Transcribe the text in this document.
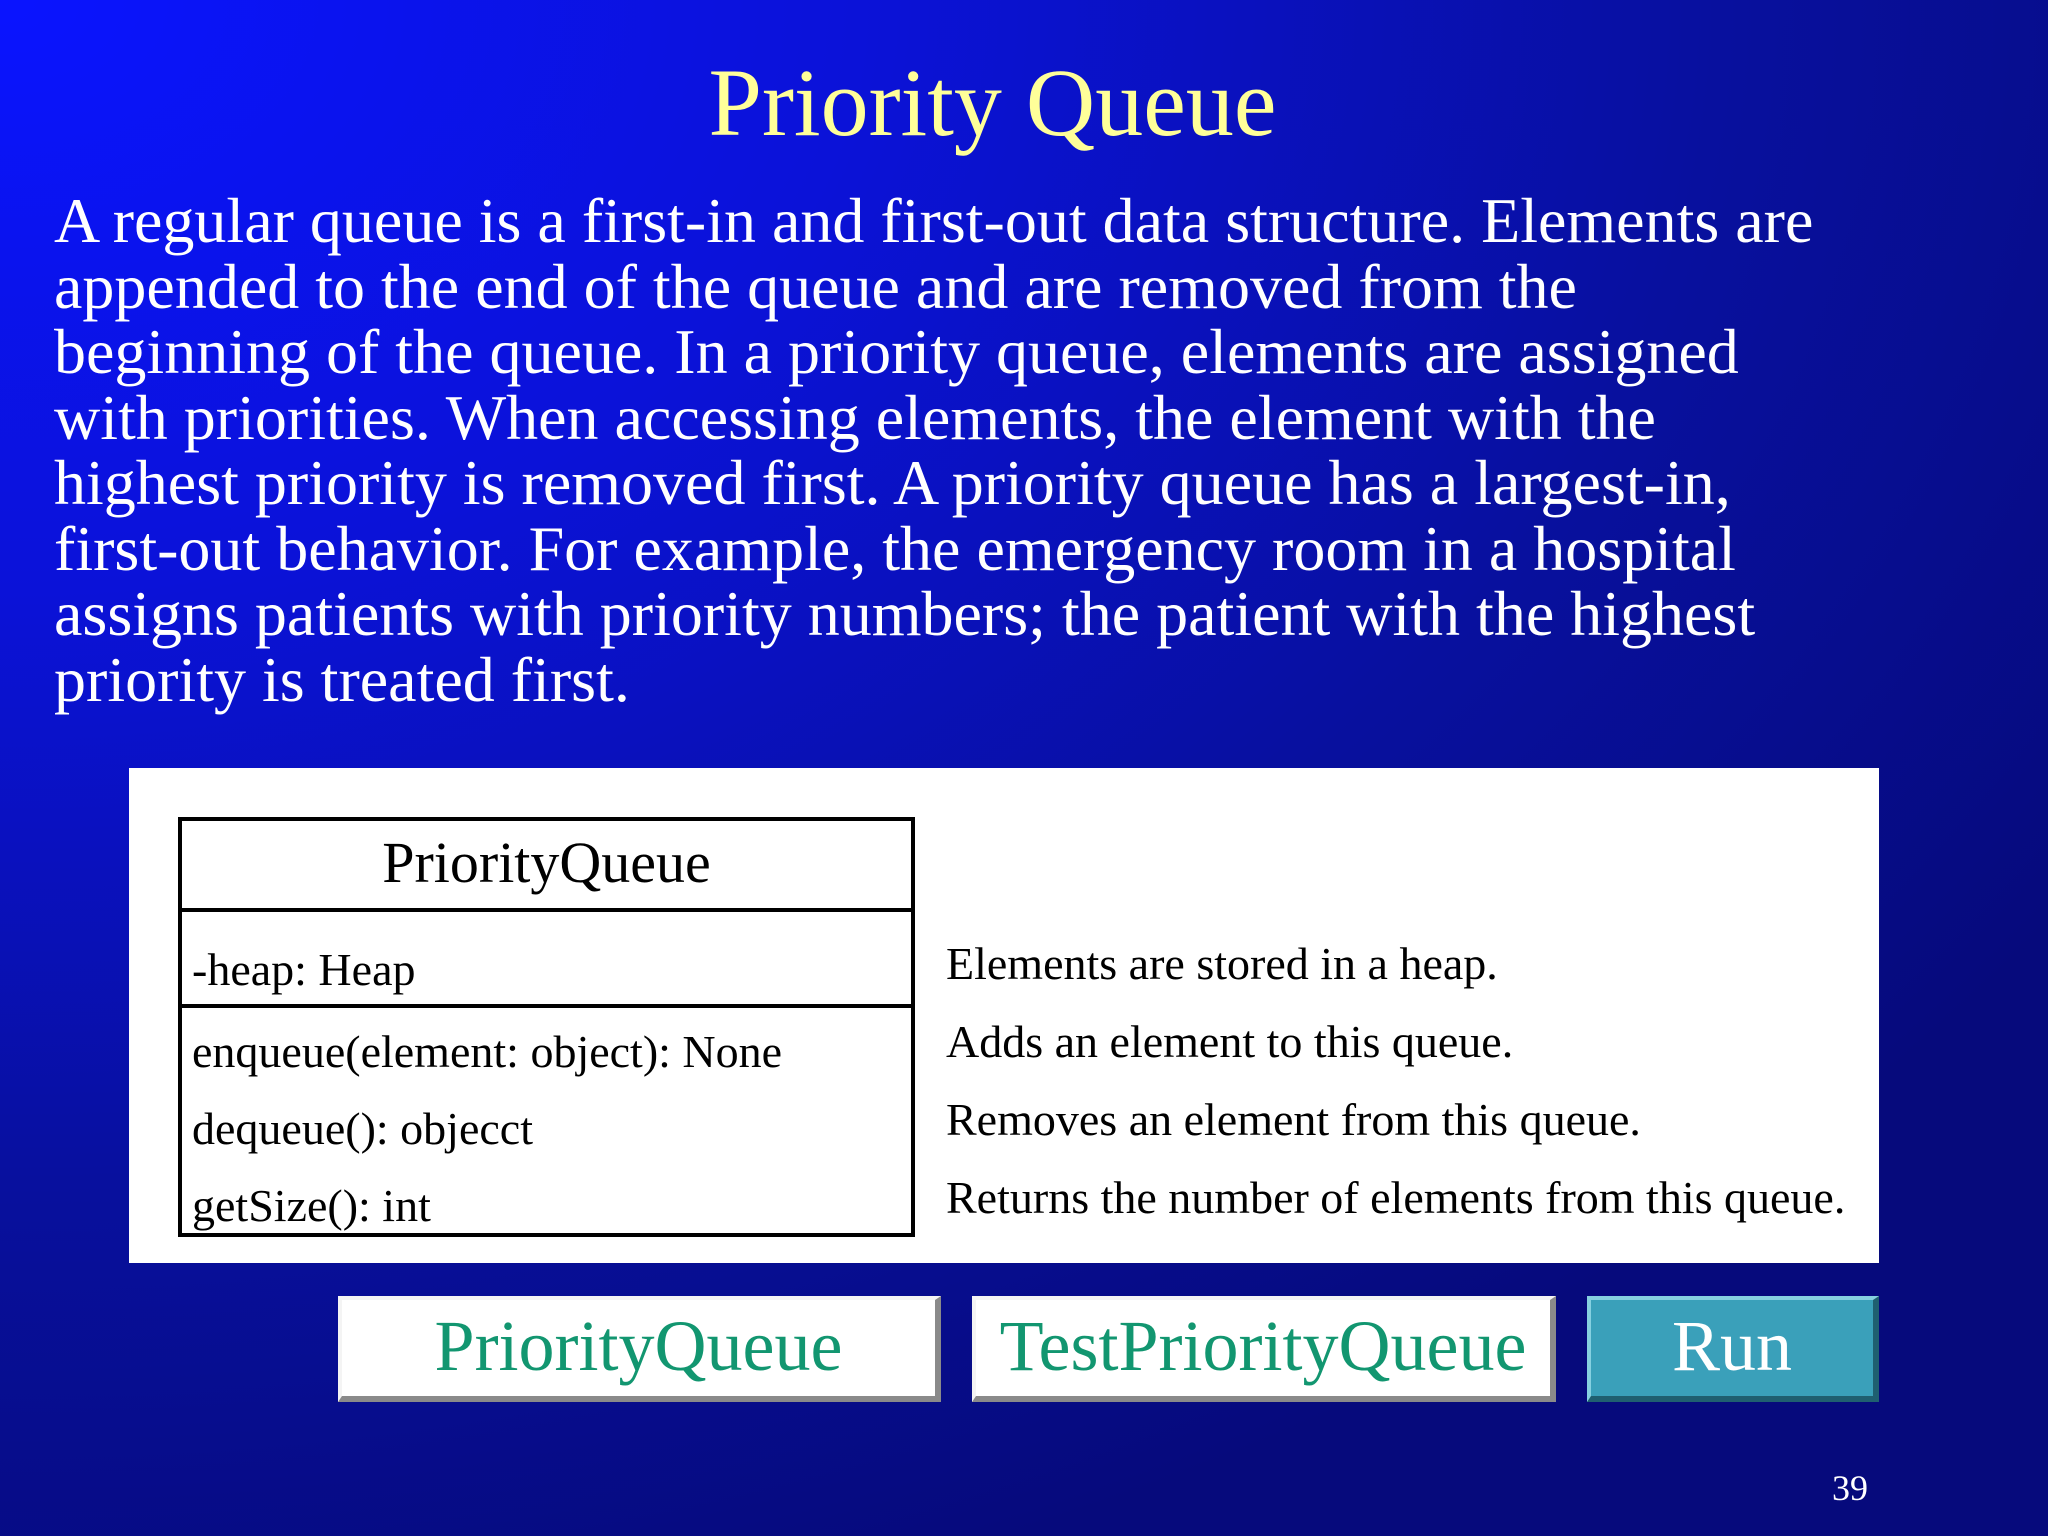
Priority Queue
A regular queue is a first-in and first-out data structure. Elements are
appended to the end of the queue and are removed from the
beginning of the queue. In a priority queue, elements are assigned
with priorities. When accessing elements, the element with the
highest priority is removed first. A priority queue has a largest-in,
first-out behavior. For example, the emergency room in a hospital
assigns patients with priority numbers; the patient with the highest
priority is treated first.
PriorityQueue
-heap: Heap
enqueue(element: object): None
dequeue(): objecct
getSize(): int
Elements are stored in a heap.
Adds an element to this queue.
Removes an element from this queue.
Returns the number of elements from this queue.
PriorityQueue	TestPriorityQueue	Run
39
